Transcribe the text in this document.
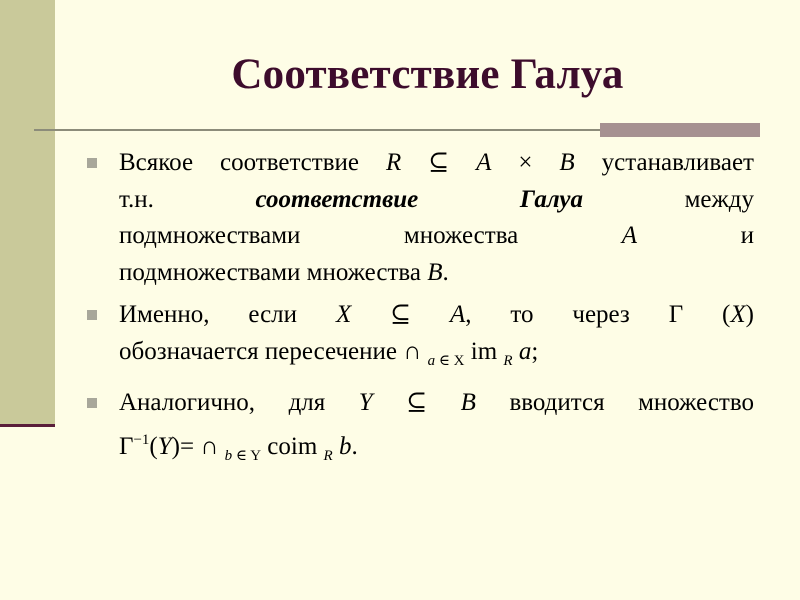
Соответствие Галуа
Всякое соответствие R ⊆ A × B устанавливает
т.н. соответствие Галуа между
подмножествами множества A и
подмножествами множества B.
Именно, если X ⊆ A, то через Г (X)
обозначается пересечение ∩ $_{a \in X}$ im $_R$ a;
Аналогично, для Y ⊆ B вводится множество
$Г^{-1}(Y)=$ ∩ $_{b \in Y}$ coim $_R$ b.
